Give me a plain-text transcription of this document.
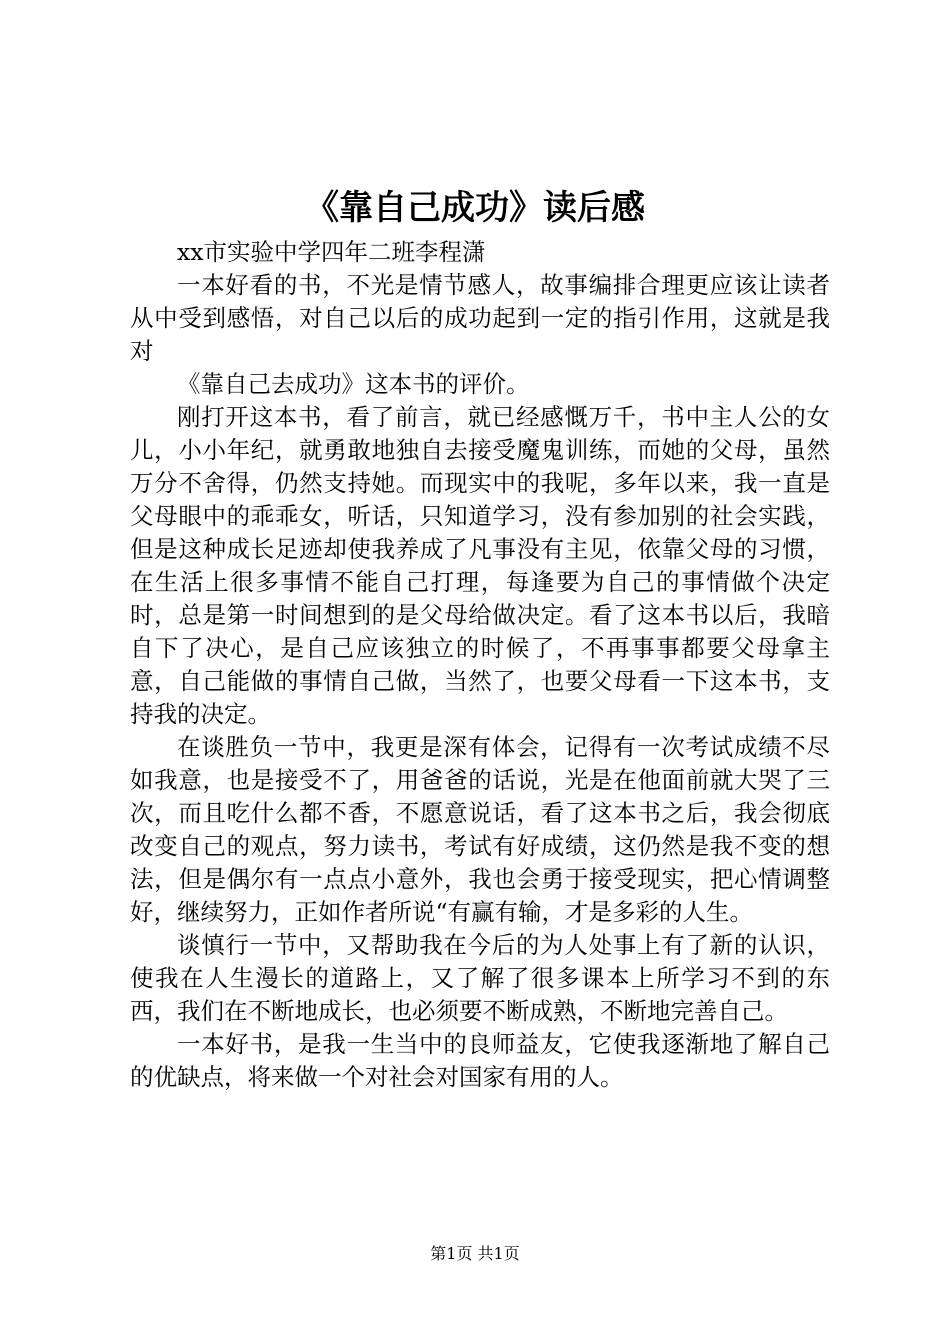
《靠自己成功》读后感

xx市实验中学四年二班李程潇

一本好看的书，不光是情节感人，故事编排合理更应该让读者从中受到感悟，对自己以后的成功起到一定的指引作用，这就是我对

《靠自己去成功》这本书的评价。

刚打开这本书，看了前言，就已经感慨万千，书中主人公的女儿，小小年纪，就勇敢地独自去接受魔鬼训练，而她的父母，虽然万分不舍得，仍然支持她。而现实中的我呢，多年以来，我一直是父母眼中的乖乖女，听话，只知道学习，没有参加别的社会实践，但是这种成长足迹却使我养成了凡事没有主见，依靠父母的习惯，在生活上很多事情不能自己打理，每逢要为自己的事情做个决定时，总是第一时间想到的是父母给做决定。看了这本书以后，我暗自下了决心，是自己应该独立的时候了，不再事事都要父母拿主意，自己能做的事情自己做，当然了，也要父母看一下这本书，支持我的决定。

在谈胜负一节中，我更是深有体会，记得有一次考试成绩不尽如我意，也是接受不了，用爸爸的话说，光是在他面前就大哭了三次，而且吃什么都不香，不愿意说话，看了这本书之后，我会彻底改变自己的观点，努力读书，考试有好成绩，这仍然是我不变的想法，但是偶尔有一点点小意外，我也会勇于接受现实，把心情调整好，继续努力，正如作者所说“有赢有输，才是多彩的人生。

谈慎行一节中，又帮助我在今后的为人处事上有了新的认识，使我在人生漫长的道路上，又了解了很多课本上所学习不到的东西，我们在不断地成长，也必须要不断成熟，不断地完善自己。

一本好书，是我一生当中的良师益友，它使我逐渐地了解自己的优缺点，将来做一个对社会对国家有用的人。

第1页 共1页
